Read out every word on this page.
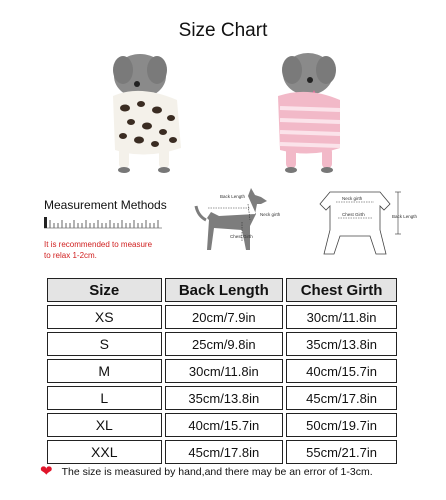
Size Chart
Measurement Methods
It is recommended to measure
to relax 1-2cm.
Back Length
Neck girth
Chest Girth
Neck girth
Chest Girth	Back Length
Size	Back Length	Chest Girth
XS	20cm/7.9in	30cm/11.8in
S	25cm/9.8in	35cm/13.8in
M	30cm/11.8in	40cm/15.7in
L	35cm/13.8in	45cm/17.8in
XL	40cm/15.7in	50cm/19.7in
XXL	45cm/17.8in	55cm/21.7in
❤ The size is measured by hand,and there may be an error of 1-3cm.
